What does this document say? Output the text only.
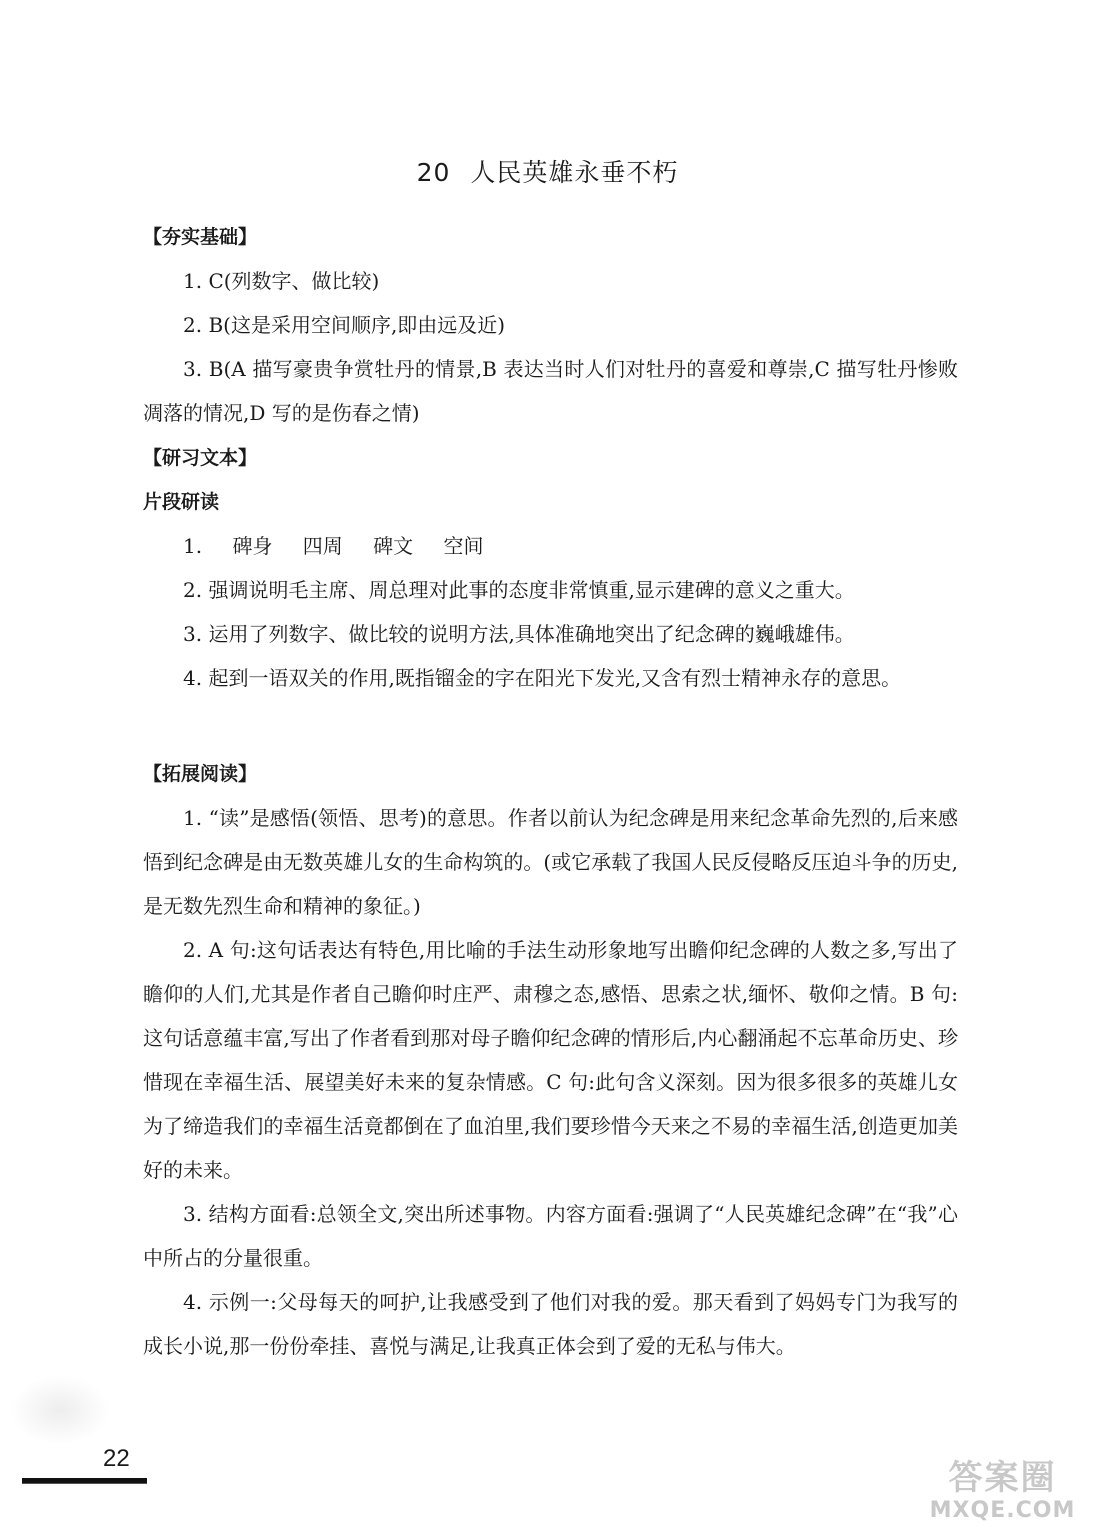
20 人民英雄永垂不朽
【夯实基础】
1. C(列数字、做比较)
2. B(这是采用空间顺序,即由远及近)
3. B(A 描写豪贵争赏牡丹的情景,B 表达当时人们对牡丹的喜爱和尊崇,C 描写牡丹惨败凋落的情况,D 写的是伤春之情)
【研习文本】
片段研读
1. 碑身 四周 碑文 空间
2. 强调说明毛主席、周总理对此事的态度非常慎重,显示建碑的意义之重大。
3. 运用了列数字、做比较的说明方法,具体准确地突出了纪念碑的巍峨雄伟。
4. 起到一语双关的作用,既指镏金的字在阳光下发光,又含有烈士精神永存的意思。
【拓展阅读】
1. “读”是感悟(领悟、思考)的意思。作者以前认为纪念碑是用来纪念革命先烈的,后来感悟到纪念碑是由无数英雄儿女的生命构筑的。(或它承载了我国人民反侵略反压迫斗争的历史,是无数先烈生命和精神的象征。)
2. A 句:这句话表达有特色,用比喻的手法生动形象地写出瞻仰纪念碑的人数之多,写出了瞻仰的人们,尤其是作者自己瞻仰时庄严、肃穆之态,感悟、思索之状,缅怀、敬仰之情。B 句:这句话意蕴丰富,写出了作者看到那对母子瞻仰纪念碑的情形后,内心翻涌起不忘革命历史、珍惜现在幸福生活、展望美好未来的复杂情感。C 句:此句含义深刻。因为很多很多的英雄儿女为了缔造我们的幸福生活竟都倒在了血泊里,我们要珍惜今天来之不易的幸福生活,创造更加美好的未来。
3. 结构方面看:总领全文,突出所述事物。内容方面看:强调了“人民英雄纪念碑”在“我”心中所占的分量很重。
4. 示例一:父母每天的呵护,让我感受到了他们对我的爱。那天看到了妈妈专门为我写的成长小说,那一份份牵挂、喜悦与满足,让我真正体会到了爱的无私与伟大。
22	答案圈
MXQE.COM
